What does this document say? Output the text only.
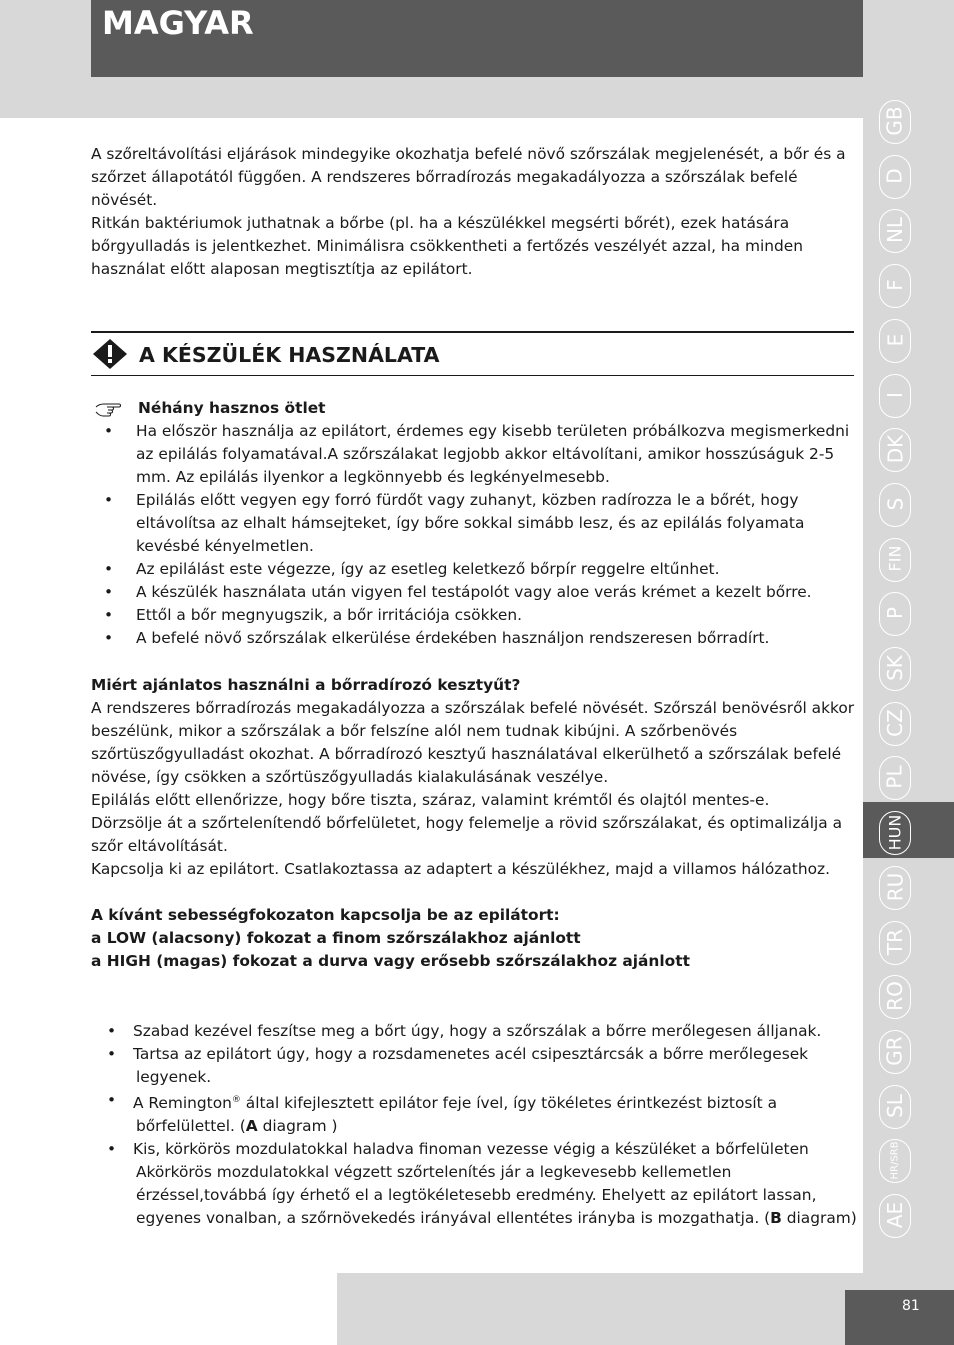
MAGYAR

A szőreltávolítási eljárások mindegyike okozhatja befelé növő szőrszálak megjelenését, a bőr és a szőrzet állapotától függően. A rendszeres bőrradírozás megakadályozza a szőrszálak befelé növését.

Ritkán baktériumok juthatnak a bőrbe (pl. ha a készülékkel megsérti bőrét), ezek hatására bőrgyulladás is jelentkezhet. Minimálisra csökkentheti a fertőzés veszélyét azzal, ha minden használat előtt alaposan megtisztítja az epilátort.

A KÉSZÜLÉK HASZNÁLATA

Néhány hasznos ötlet

• Ha először használja az epilátort, érdemes egy kisebb területen próbálkozva megismerkedni az epilálás folyamatával.A szőrszálakat legjobb akkor eltávolítani, amikor hosszúságuk 2-5 mm. Az epilálás ilyenkor a legkönnyebb és legkényelmesebb.
• Epilálás előtt vegyen egy forró fürdőt vagy zuhanyt, közben radírozza le a bőrét, hogy eltávolítsa az elhalt hámsejteket, így bőre sokkal simább lesz, és az epilálás folyamata kevésbé kényelmetlen.
• Az epilálást este végezze, így az esetleg keletkező bőrpír reggelre eltűnhet.
• A készülék használata után vigyen fel testápolót vagy aloe verás krémet a kezelt bőrre.
• Ettől a bőr megnyugszik, a bőr irritációja csökken.
• A befelé növő szőrszálak elkerülése érdekében használjon rendszeresen bőrradírt.

Miért ajánlatos használni a bőrradírozó kesztyűt?

A rendszeres bőrradírozás megakadályozza a szőrszálak befelé növését. Szőrszál benövésről akkor beszélünk, mikor a szőrszálak a bőr felszíne alól nem tudnak kibújni. A szőrbenövés szőrtüszőgyulladást okozhat. A bőrradírozó kesztyű használatával elkerülhető a szőrszálak befelé növése, így csökken a szőrtüszőgyulladás kialakulásának veszélye.

Epilálás előtt ellenőrizze, hogy bőre tiszta, száraz, valamint krémtől és olajtól mentes-e.

Dörzsölje át a szőrtelenítendő bőrfelületet, hogy felemelje a rövid szőrszálakat, és optimalizálja a szőr eltávolítását.

Kapcsolja ki az epilátort. Csatlakoztassa az adaptert a készülékhez, majd a villamos hálózathoz.

A kívánt sebességfokozaton kapcsolja be az epilátort:

a LOW (alacsony) fokozat a finom szőrszálakhoz ajánlott

a HIGH (magas) fokozat a durva vagy erősebb szőrszálakhoz ajánlott

• Szabad kezével feszítse meg a bőrt úgy, hogy a szőrszálak a bőrre merőlegesen álljanak.
• Tartsa az epilátort úgy, hogy a rozsdamenetes acél csipesztárcsák a bőrre merőlegesek legyenek.
• A Remington® által kifejlesztett epilátor feje ível, így tökéletes érintkezést biztosít a bőrfelülettel. (A diagram )
• Kis, körkörös mozdulatokkal haladva finoman vezesse végig a készüléket a bőrfelületen Akörkörös mozdulatokkal végzett szőrtelenítés jár a legkevesebb kellemetlen érzéssel,továbbá így érhető el a legtökéletesebb eredmény. Ehelyett az epilátort lassan, egyenes vonalban, a szőrnövekedés irányával ellentétes irányba is mozgathatja. (B diagram)
GB
D
NL
F
E
I
DK
S
FIN
P
SK
CZ
PL
HUN
RU
TR
RO
GR
SL
HR/SRB
AE
81
